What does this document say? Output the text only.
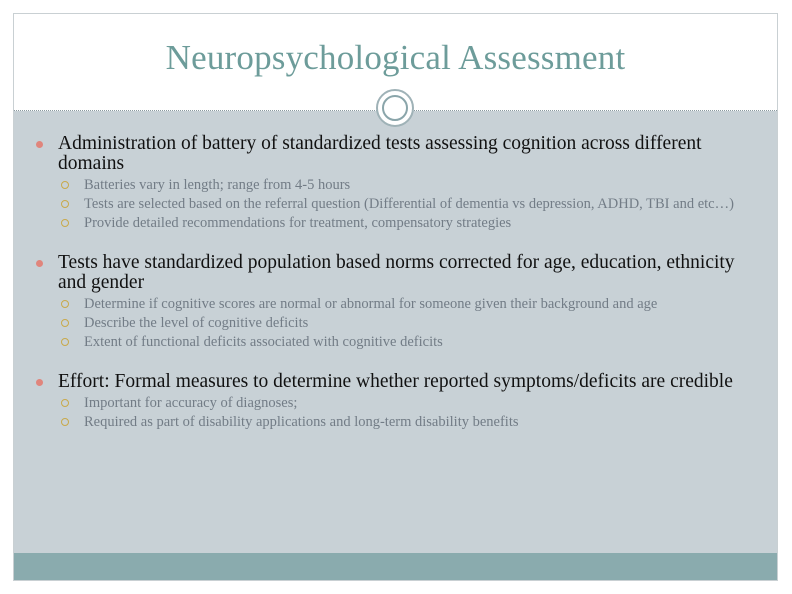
Neuropsychological Assessment
Administration of battery of standardized tests assessing cognition across different domains
Batteries vary in length; range from 4-5 hours
Tests are selected based on the referral question (Differential of dementia vs depression, ADHD, TBI and etc…)
Provide detailed recommendations for treatment, compensatory strategies
Tests have standardized population based norms corrected for age, education, ethnicity and gender
Determine if cognitive scores are normal or abnormal for someone given their background and age
Describe the level of cognitive deficits
Extent of functional deficits associated with cognitive deficits
Effort: Formal measures to determine whether reported symptoms/deficits are credible
Important for accuracy of diagnoses;
Required as part of disability applications and long-term disability benefits
